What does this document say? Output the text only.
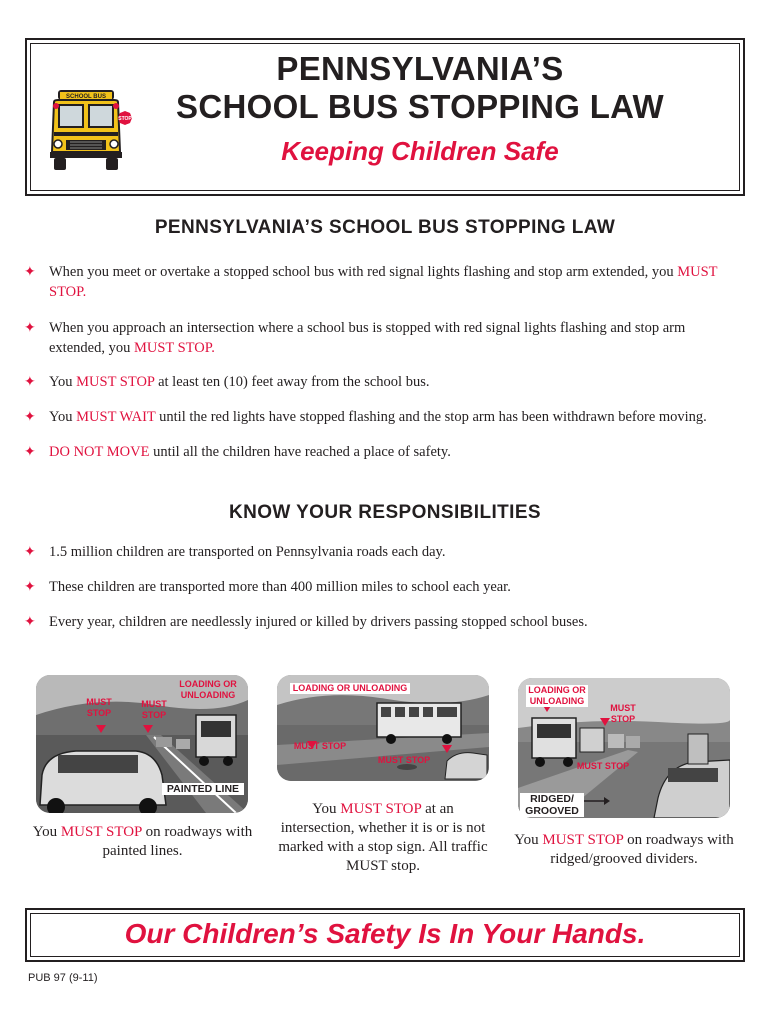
SCHOOL BUS
STOP
PENNSYLVANIA’S
SCHOOL BUS STOPPING LAW
Keeping Children Safe
PENNSYLVANIA’S SCHOOL BUS STOPPING LAW
✦ When you meet or overtake a stopped school bus with red signal lights flashing and stop arm extended, you MUST STOP.
✦ When you approach an intersection where a school bus is stopped with red signal lights flashing and stop arm extended, you MUST STOP.
✦ You MUST STOP at least ten (10) feet away from the school bus.
✦ You MUST WAIT until the red lights have stopped flashing and the stop arm has been withdrawn before moving.
✦ DO NOT MOVE until all the children have reached a place of safety.
KNOW YOUR RESPONSIBILITIES
✦ 1.5 million children are transported on Pennsylvania roads each day.
✦ These children are transported more than 400 million miles to school each year.
✦ Every year, children are needlessly injured or killed by drivers passing stopped school buses.
LOADING OR UNLOADING
MUST STOP
MUST STOP
PAINTED LINE
LOADING OR UNLOADING
MUST STOP
MUST STOP
LOADING OR UNLOADING
MUST STOP
MUST STOP
RIDGED/ GROOVED
You MUST STOP on roadways with painted lines.
You MUST STOP at an intersection, whether it is or is not marked with a stop sign. All traffic MUST stop.
You MUST STOP on roadways with ridged/grooved dividers.
Our Children’s Safety Is In Your Hands.
PUB 97 (9-11)
